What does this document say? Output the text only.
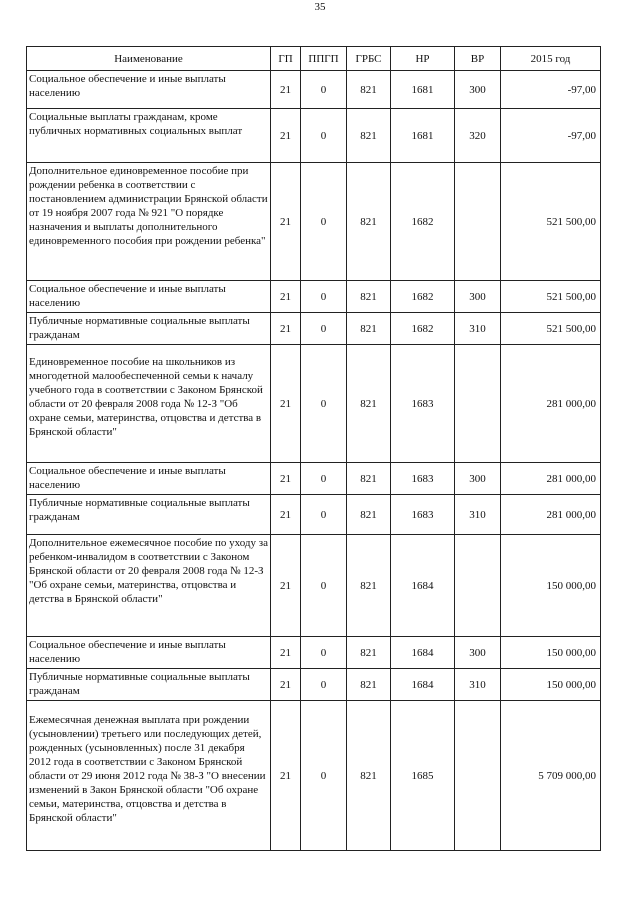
35
Наименование	ГП	ППГП	ГРБС	НР	ВР	2015 год
Социальное обеспечение и иные выплаты населению	21	0	821	1681	300	-97,00
Социальные выплаты гражданам, кроме публичных нормативных социальных выплат	21	0	821	1681	320	-97,00
Дополнительное единовременное пособие при рождении ребенка в соответствии с постановлением администрации Брянской области от 19 ноября 2007 года № 921 "О порядке назначения и выплаты дополнительного единовременного пособия при рождении ребенка"	21	0	821	1682		521 500,00
Социальное обеспечение и иные выплаты населению	21	0	821	1682	300	521 500,00
Публичные нормативные социальные выплаты гражданам	21	0	821	1682	310	521 500,00
Единовременное пособие на школьников из многодетной малообеспеченной семьи к началу учебного года в соответствии с Законом Брянской области от 20 февраля 2008 года № 12-З "Об охране семьи, материнства, отцовства и детства в Брянской области"	21	0	821	1683		281 000,00
Социальное обеспечение и иные выплаты населению	21	0	821	1683	300	281 000,00
Публичные нормативные социальные выплаты гражданам	21	0	821	1683	310	281 000,00
Дополнительное ежемесячное пособие по уходу за ребенком-инвалидом в соответствии с Законом Брянской области от 20 февраля 2008 года № 12-З "Об охране семьи, материнства, отцовства и детства в Брянской области"	21	0	821	1684		150 000,00
Социальное обеспечение и иные выплаты населению	21	0	821	1684	300	150 000,00
Публичные нормативные социальные выплаты гражданам	21	0	821	1684	310	150 000,00
Ежемесячная денежная выплата при рождении (усыновлении) третьего или последующих детей, рожденных (усыновленных) после 31 декабря 2012 года в соответствии с Законом Брянской области от 29 июня 2012 года № 38-З "О внесении изменений в Закон Брянской области "Об охране семьи, материнства, отцовства и детства в Брянской области"	21	0	821	1685		5 709 000,00
